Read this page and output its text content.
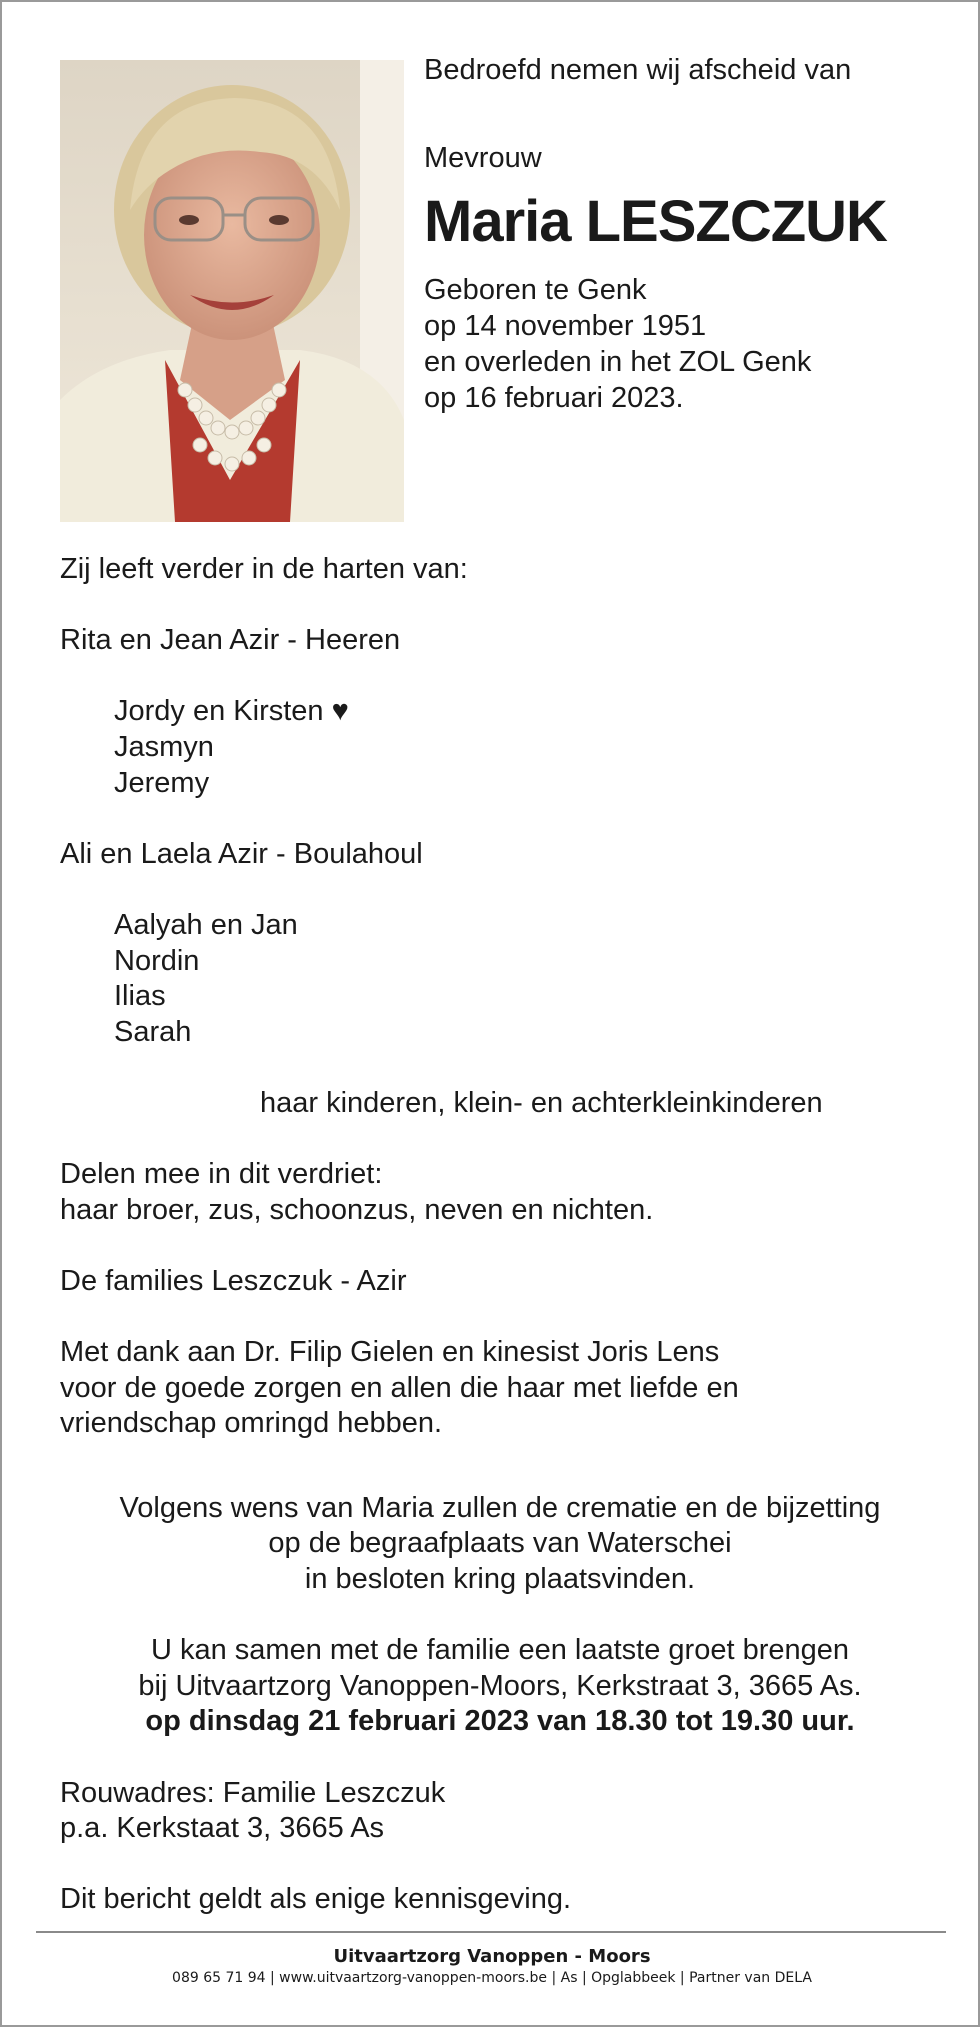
Bedroefd nemen wij afscheid van
Mevrouw
Maria LESZCZUK
Geboren te Genk
op 14 november 1951
en overleden in het ZOL Genk
op 16 februari 2023.
Zij leeft verder in de harten van:
Rita en Jean Azir - Heeren
Jordy en Kirsten ♥
Jasmyn
Jeremy
Ali en Laela Azir - Boulahoul
Aalyah en Jan
Nordin
Ilias
Sarah
haar kinderen, klein- en achterkleinkinderen
Delen mee in dit verdriet:
haar broer, zus, schoonzus, neven en nichten.
De families Leszczuk - Azir
Met dank aan Dr. Filip Gielen en kinesist Joris Lens
voor de goede zorgen en allen die haar met liefde en
vriendschap omringd hebben.
Volgens wens van Maria zullen de crematie en de bijzetting
op de begraafplaats van Waterschei
in besloten kring plaatsvinden.
U kan samen met de familie een laatste groet brengen
bij Uitvaartzorg Vanoppen-Moors, Kerkstraat 3, 3665 As.
op dinsdag 21 februari 2023 van 18.30 tot 19.30 uur.
Rouwadres: Familie Leszczuk
p.a. Kerkstaat 3, 3665 As
Dit bericht geldt als enige kennisgeving.
Uitvaartzorg Vanoppen - Moors
089 65 71 94 | www.uitvaartzorg-vanoppen-moors.be | As | Opglabbeek | Partner van DELA
